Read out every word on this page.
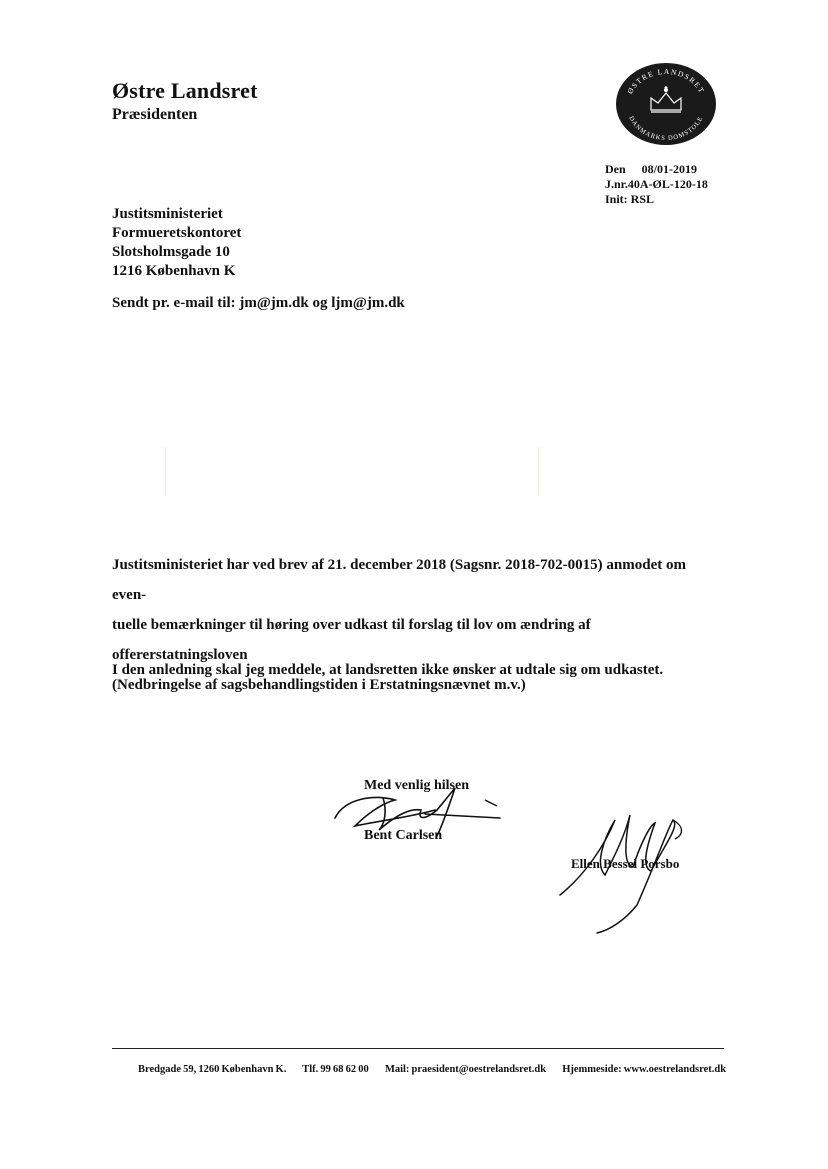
Østre Landsret
Præsidenten
ØSTRE LANDSRET
DANMARKS DOMSTOLE
Den 08/01-2019
J.nr.40A-ØL-120-18
Init: RSL
Justitsministeriet
Formueretskontoret
Slotsholmsgade 10
1216 København K
Sendt pr. e-mail til: jm@jm.dk og ljm@jm.dk
Justitsministeriet har ved brev af 21. december 2018 (Sagsnr. 2018-702-0015) anmodet om even-
tuelle bemærkninger til høring over udkast til forslag til lov om ændring af offererstatningsloven
(Nedbringelse af sagsbehandlingstiden i Erstatningsnævnet m.v.)
I den anledning skal jeg meddele, at landsretten ikke ønsker at udtale sig om udkastet.
Med venlig hilsen
Bent Carlsen
Ellen Bessel Porsbo
Bredgade 59, 1260 København K. Tlf. 99 68 62 00 Mail: praesident@oestrelandsret.dk Hjemmeside: www.oestrelandsret.dk
